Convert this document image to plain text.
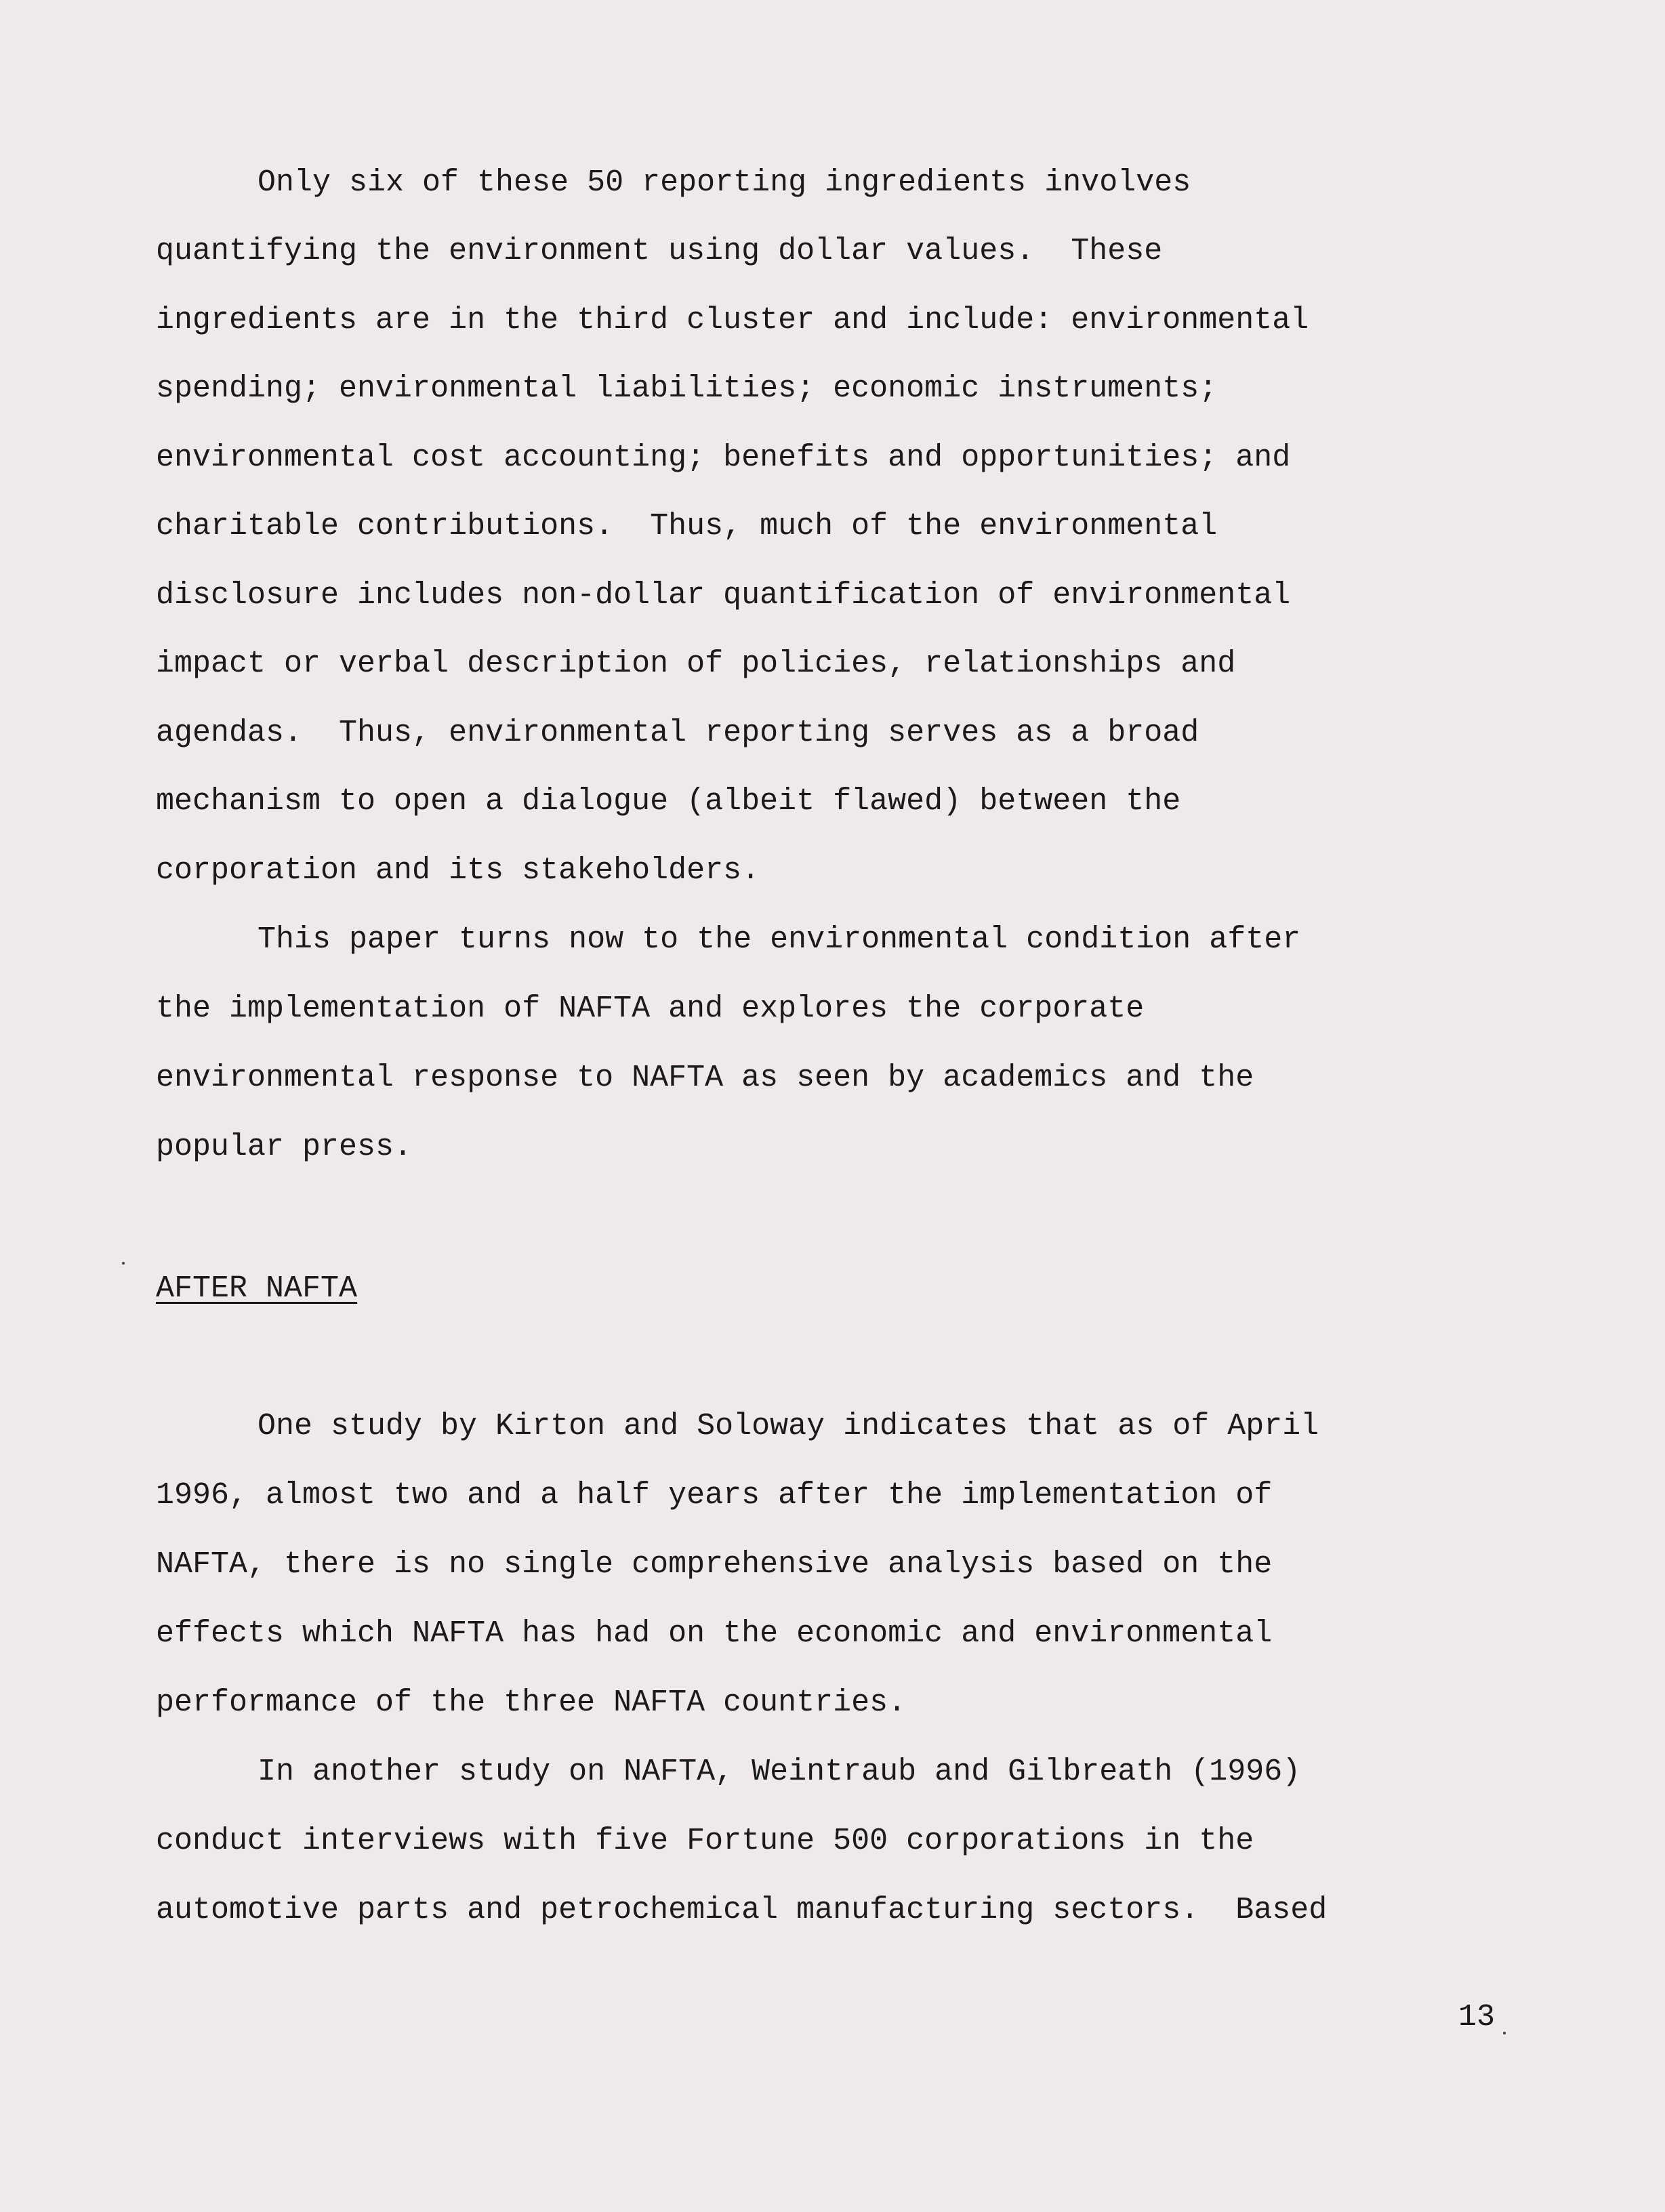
Only six of these 50 reporting ingredients involves
quantifying the environment using dollar values.  These
ingredients are in the third cluster and include: environmental
spending; environmental liabilities; economic instruments;
environmental cost accounting; benefits and opportunities; and
charitable contributions.  Thus, much of the environmental
disclosure includes non-dollar quantification of environmental
impact or verbal description of policies, relationships and
agendas.  Thus, environmental reporting serves as a broad
mechanism to open a dialogue (albeit flawed) between the
corporation and its stakeholders.
This paper turns now to the environmental condition after
the implementation of NAFTA and explores the corporate
environmental response to NAFTA as seen by academics and the
popular press.
AFTER NAFTA
One study by Kirton and Soloway indicates that as of April
1996, almost two and a half years after the implementation of
NAFTA, there is no single comprehensive analysis based on the
effects which NAFTA has had on the economic and environmental
performance of the three NAFTA countries.
In another study on NAFTA, Weintraub and Gilbreath (1996)
conduct interviews with five Fortune 500 corporations in the
automotive parts and petrochemical manufacturing sectors.  Based
13
